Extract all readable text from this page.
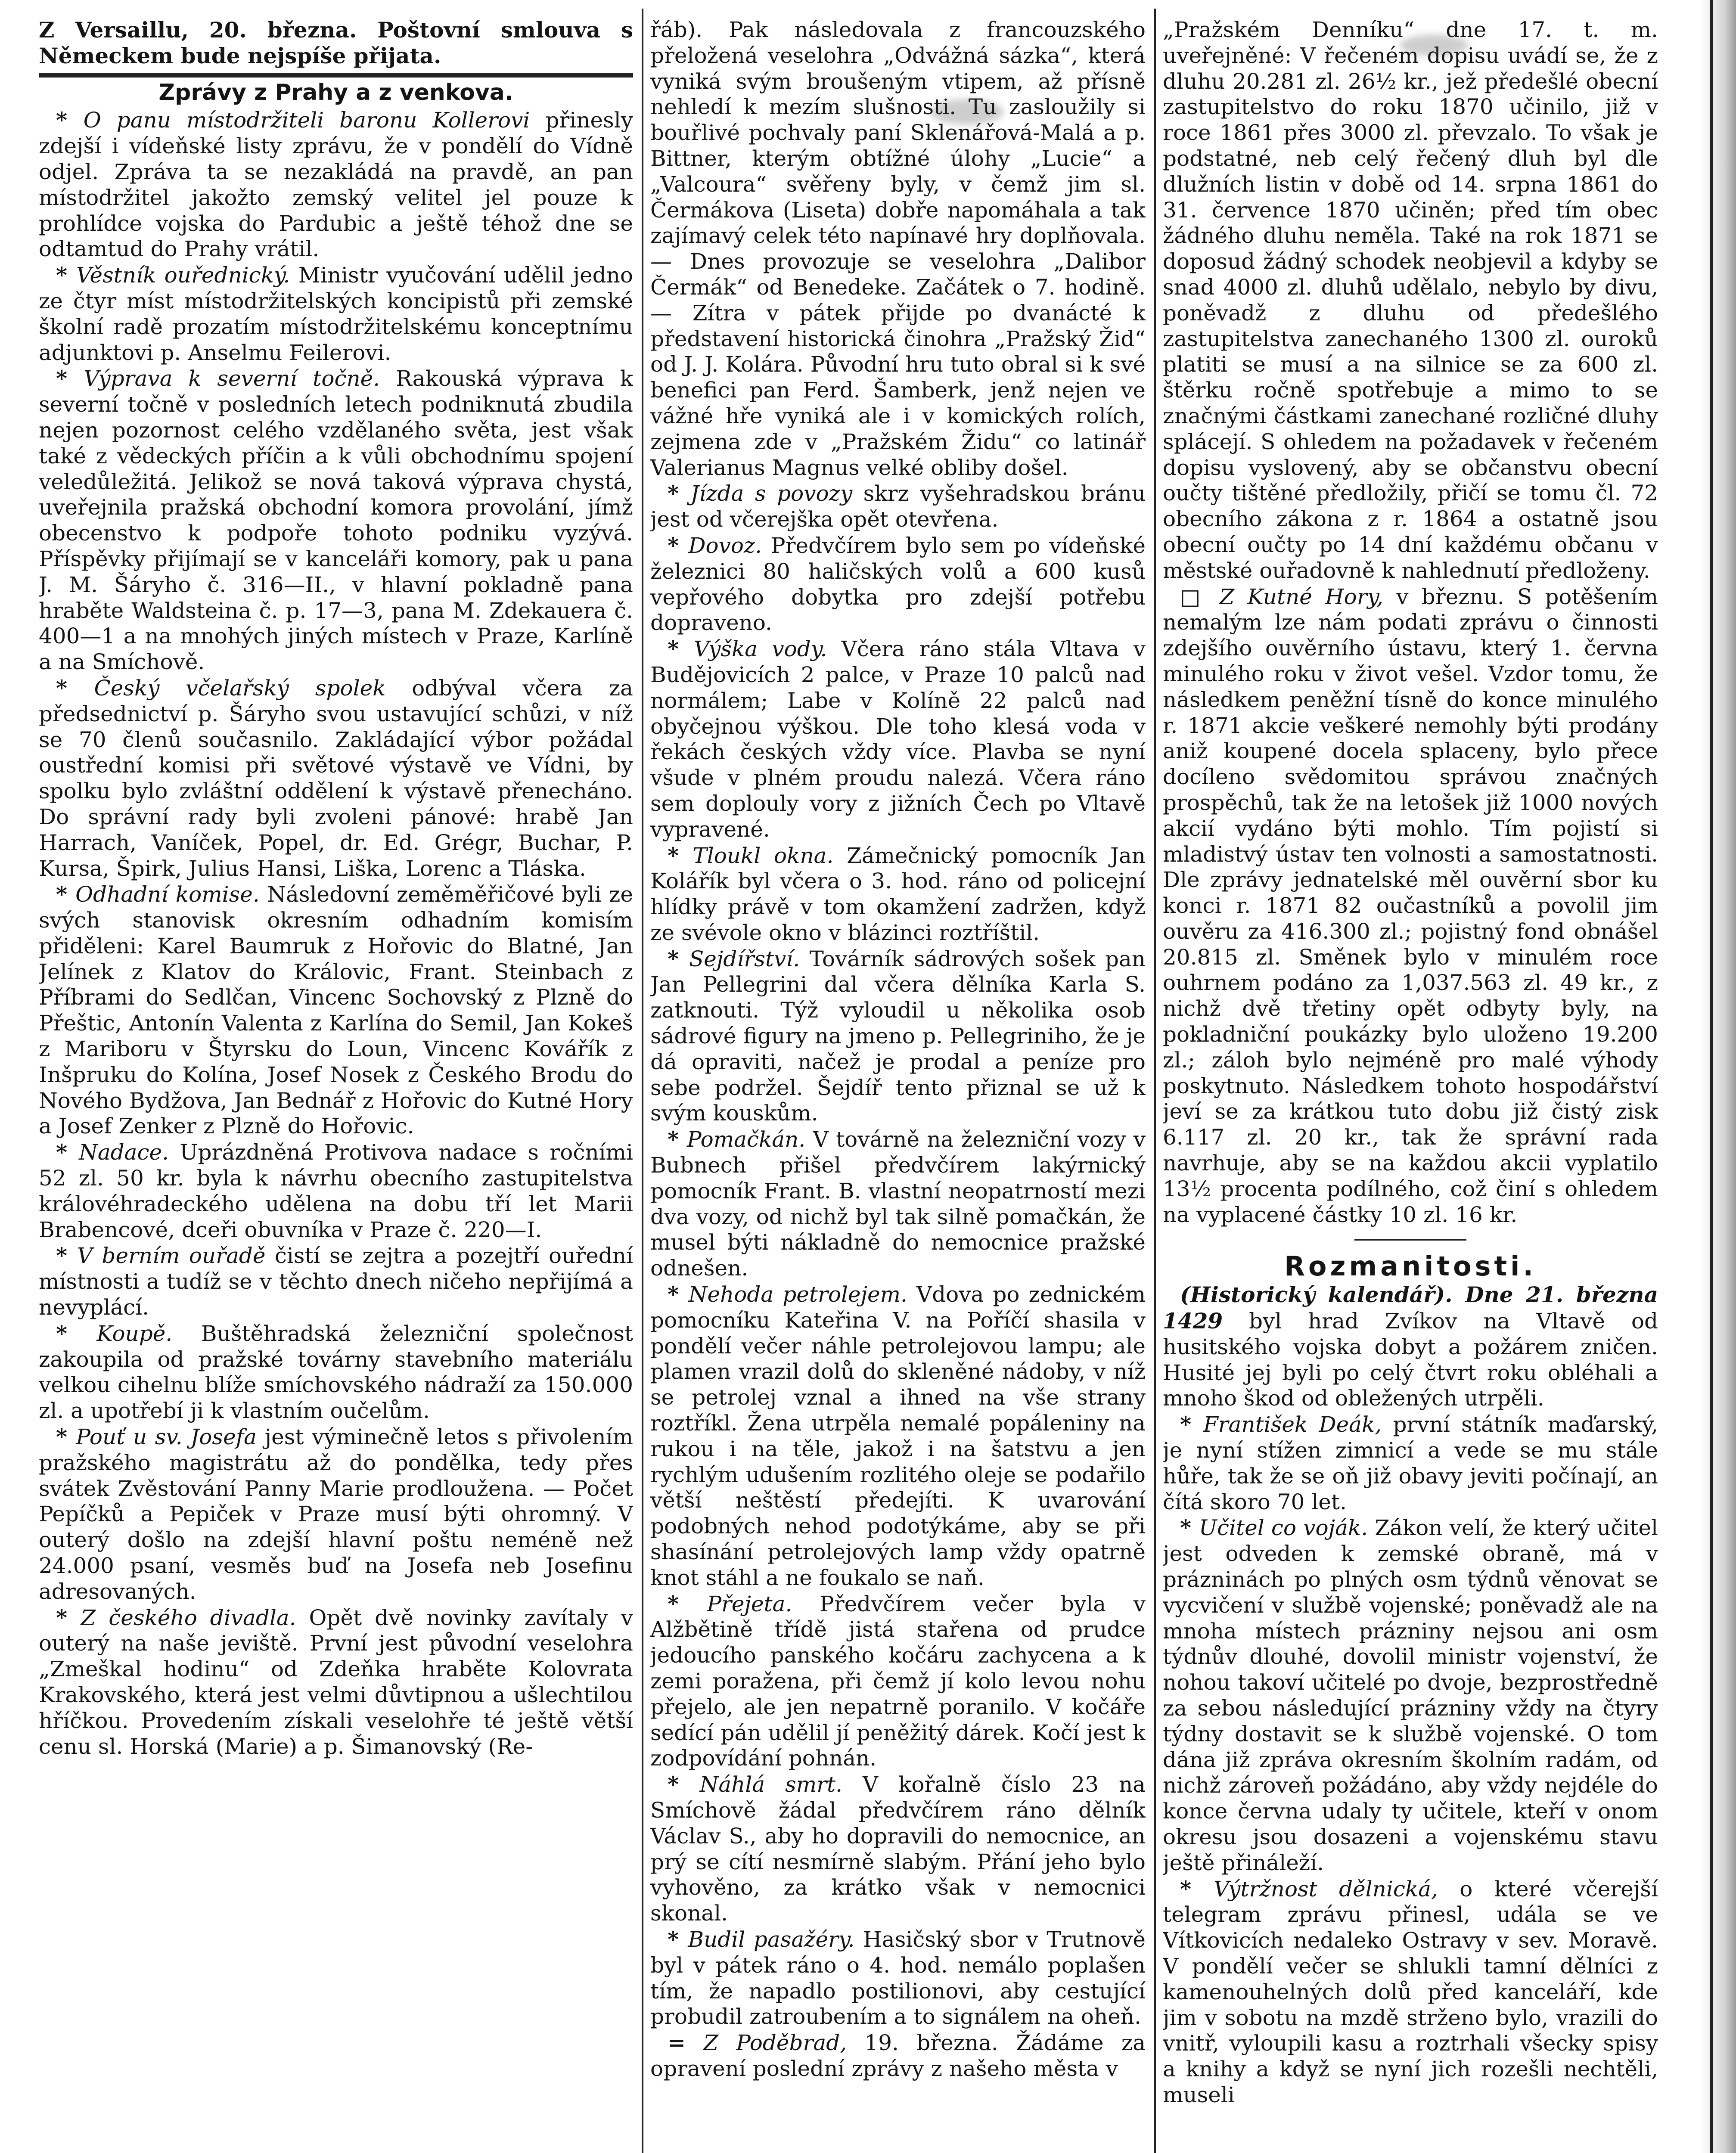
Z Versaillu, 20. března. Poštovní smlouva s Německem bude nejspíše přijata.

Zprávy z Prahy a z venkova.

* O panu místodržiteli baronu Kollerovi přinesly zdejší i vídeňské listy zprávu, že v pondělí do Vídně odjel. Zpráva ta se nezakládá na pravdě, an pan místodržitel jakožto zemský velitel jel pouze k prohlídce vojska do Pardubic a ještě téhož dne se odtamtud do Prahy vrátil.

* Věstník ouřednický. Ministr vyučování udělil jedno ze čtyr míst místodržitelských koncipistů při zemské školní radě prozatím místodržitelskému konceptnímu adjunktovi p. Anselmu Feilerovi.

* Výprava k severní točně. Rakouská výprava k severní točně v posledních letech podniknutá zbudila nejen pozornost celého vzdělaného světa, jest však také z vědeckých příčin a k vůli obchodnímu spojení veledůležitá. Jelikož se nová taková výprava chystá, uveřejnila pražská obchodní komora provolání, jímž obecenstvo k podpoře tohoto podniku vyzývá. Příspěvky přijímají se v kanceláři komory, pak u pana J. M. Šáryho č. 316—II., v hlavní pokladně pana hraběte Waldsteina č. p. 17—3, pana M. Zdekauera č. 400—1 a na mnohých jiných místech v Praze, Karlíně a na Smíchově.

* Český včelařský spolek odbýval včera za předsednictví p. Šáryho svou ustavující schůzi, v níž se 70 členů současnilo. Zakládající výbor požádal oustřední komisi při světové výstavě ve Vídni, by spolku bylo zvláštní oddělení k výstavě přenecháno. Do správní rady byli zvoleni pánové: hrabě Jan Harrach, Vaníček, Popel, dr. Ed. Grégr, Buchar, P. Kursa, Špirk, Julius Hansi, Liška, Lorenc a Tláska.

* Odhadní komise. Následovní zeměměřičové byli ze svých stanovisk okresním odhadním komisím přiděleni: Karel Baumruk z Hořovic do Blatné, Jan Jelínek z Klatov do Královic, Frant. Steinbach z Příbrami do Sedlčan, Vincenc Sochovský z Plzně do Přeštic, Antonín Valenta z Karlína do Semil, Jan Kokeš z Mariboru v Štyrsku do Loun, Vincenc Kovářík z Inšpruku do Kolína, Josef Nosek z Českého Brodu do Nového Bydžova, Jan Bednář z Hořovic do Kutné Hory a Josef Zenker z Plzně do Hořovic.

* Nadace. Uprázdněná Protivova nadace s ročními 52 zl. 50 kr. byla k návrhu obecního zastupitelstva královéhradeckého udělena na dobu tří let Marii Brabencové, dceři obuvníka v Praze č. 220—I.

* V berním ouřadě čistí se zejtra a pozejtří ouřední místnosti a tudíž se v těchto dnech ničeho nepřijímá a nevyplácí.

* Koupě. Buštěhradská železniční společnost zakoupila od pražské továrny stavebního materiálu velkou cihelnu blíže smíchovského nádraží za 150.000 zl. a upotřebí ji k vlastním oučelům.

* Pouť u sv. Josefa jest výminečně letos s přivolením pražského magistrátu až do pondělka, tedy přes svátek Zvěstování Panny Marie prodloužena. — Počet Pepíčků a Pepiček v Praze musí býti ohromný. V outerý došlo na zdejší hlavní poštu neméně než 24.000 psaní, vesměs buď na Josefa neb Josefinu adresovaných.

* Z českého divadla. Opět dvě novinky zavítaly v outerý na naše jeviště. První jest původní veselohra „Zmeškal hodinu“ od Zdeňka hraběte Kolovrata Krakovského, která jest velmi důvtipnou a ušlechtilou hříčkou. Provedením získali veselohře té ještě větší cenu sl. Horská (Marie) a p. Šimanovský (Re-

řáb). Pak následovala z francouzského přeložená veselohra „Odvážná sázka“, která vyniká svým broušeným vtipem, až přísně nehledí k mezím slušnosti. Tu zasloužily si bouřlivé pochvaly paní Sklenářová-Malá a p. Bittner, kterým obtížné úlohy „Lucie“ a „Valcoura“ svěřeny byly, v čemž jim sl. Čermákova (Liseta) dobře napomáhala a tak zajímavý celek této napínavé hry doplňovala. — Dnes provozuje se veselohra „Dalibor Čermák“ od Benedeke. Začátek o 7. hodině. — Zítra v pátek přijde po dvanácté k představení historická činohra „Pražský Žid“ od J. J. Kolára. Původní hru tuto obral si k své benefici pan Ferd. Šamberk, jenž nejen ve vážné hře vyniká ale i v komických rolích, zejmena zde v „Pražském Židu“ co latinář Valerianus Magnus velké obliby došel.

* Jízda s povozy skrz vyšehradskou bránu jest od včerejška opět otevřena.

* Dovoz. Předvčírem bylo sem po vídeňské železnici 80 haličských volů a 600 kusů vepřového dobytka pro zdejší potřebu dopraveno.

* Výška vody. Včera ráno stála Vltava v Budějovicích 2 palce, v Praze 10 palců nad normálem; Labe v Kolíně 22 palců nad obyčejnou výškou. Dle toho klesá voda v řekách českých vždy více. Plavba se nyní všude v plném proudu nalezá. Včera ráno sem doplouly vory z jižních Čech po Vltavě vypravené.

* Tloukl okna. Zámečnický pomocník Jan Kolářík byl včera o 3. hod. ráno od policejní hlídky právě v tom okamžení zadržen, když ze svévole okno v blázinci roztříštil.

* Sejdířství. Továrník sádrových sošek pan Jan Pellegrini dal včera dělníka Karla S. zatknouti. Týž vyloudil u několika osob sádrové figury na jmeno p. Pellegriniho, že je dá opraviti, načež je prodal a peníze pro sebe podržel. Šejdíř tento přiznal se už k svým kouskům.

* Pomačkán. V továrně na železniční vozy v Bubnech přišel předvčírem lakýrnický pomocník Frant. B. vlastní neopatrností mezi dva vozy, od nichž byl tak silně pomačkán, že musel býti nákladně do nemocnice pražské odnešen.

* Nehoda petrolejem. Vdova po zednickém pomocníku Kateřina V. na Poříčí shasila v pondělí večer náhle petrolejovou lampu; ale plamen vrazil dolů do skleněné nádoby, v níž se petrolej vznal a ihned na vše strany roztříkl. Žena utrpěla nemalé popáleniny na rukou i na těle, jakož i na šatstvu a jen rychlým udušením rozlitého oleje se podařilo větší neštěstí předejíti. K uvarování podobných nehod podotýkáme, aby se při shasínání petrolejových lamp vždy opatrně knot stáhl a ne foukalo se naň.

* Přejeta. Předvčírem večer byla v Alžbětině třídě jistá stařena od prudce jedoucího panského kočáru zachycena a k zemi poražena, při čemž jí kolo levou nohu přejelo, ale jen nepatrně poranilo. V kočáře sedící pán udělil jí peněžitý dárek. Kočí jest k zodpovídání pohnán.

* Náhlá smrt. V kořalně číslo 23 na Smíchově žádal předvčírem ráno dělník Václav S., aby ho dopravili do nemocnice, an prý se cítí nesmírně slabým. Přání jeho bylo vyhověno, za krátko však v nemocnici skonal.

* Budil pasažéry. Hasičský sbor v Trutnově byl v pátek ráno o 4. hod. nemálo poplašen tím, že napadlo postilionovi, aby cestující probudil zatroubením a to signálem na oheň.

= Z Poděbrad, 19. března. Žádáme za opravení poslední zprávy z našeho města v

„Pražském Denníku“ dne 17. t. m. uveřejněné: V řečeném dopisu uvádí se, že z dluhu 20.281 zl. 26½ kr., jež předešlé obecní zastupitelstvo do roku 1870 učinilo, již v roce 1861 přes 3000 zl. převzalo. To však je podstatné, neb celý řečený dluh byl dle dlužních listin v době od 14. srpna 1861 do 31. července 1870 učiněn; před tím obec žádného dluhu neměla. Také na rok 1871 se doposud žádný schodek neobjevil a kdyby se snad 4000 zl. dluhů udělalo, nebylo by divu, poněvadž z dluhu od předešlého zastupitelstva zanechaného 1300 zl. ouroků platiti se musí a na silnice se za 600 zl. štěrku ročně spotřebuje a mimo to se značnými částkami zanechané rozličné dluhy splácejí. S ohledem na požadavek v řečeném dopisu vyslovený, aby se občanstvu obecní oučty tištěné předložily, přičí se tomu čl. 72 obecního zákona z r. 1864 a ostatně jsou obecní oučty po 14 dní každému občanu v městské ouřadovně k nahlednutí předloženy.

□ Z Kutné Hory, v březnu. S potěšením nemalým lze nám podati zprávu o činnosti zdejšího ouvěrního ústavu, který 1. června minulého roku v život vešel. Vzdor tomu, že následkem peněžní tísně do konce minulého r. 1871 akcie veškeré nemohly býti prodány aniž koupené docela splaceny, bylo přece docíleno svědomitou správou značných prospěchů, tak že na letošek již 1000 nových akcií vydáno býti mohlo. Tím pojistí si mladistvý ústav ten volnosti a samostatnosti. Dle zprávy jednatelské měl ouvěrní sbor ku konci r. 1871 82 oučastníků a povolil jim ouvěru za 416.300 zl.; pojistný fond obnášel 20.815 zl. Směnek bylo v minulém roce ouhrnem podáno za 1,037.563 zl. 49 kr., z nichž dvě třetiny opět odbyty byly, na pokladniční poukázky bylo uloženo 19.200 zl.; záloh bylo nejméně pro malé výhody poskytnuto. Následkem tohoto hospodářství jeví se za krátkou tuto dobu již čistý zisk 6.117 zl. 20 kr., tak že správní rada navrhuje, aby se na každou akcii vyplatilo 13½ procenta podílného, což činí s ohledem na vyplacené částky 10 zl. 16 kr.

Rozmanitosti.

(Historický kalendář). Dne 21. března 1429 byl hrad Zvíkov na Vltavě od husitského vojska dobyt a požárem zničen. Husité jej byli po celý čtvrt roku obléhali a mnoho škod od obležených utrpěli.

* František Deák, první státník maďarský, je nyní stížen zimnicí a vede se mu stále hůře, tak že se oň již obavy jeviti počínají, an čítá skoro 70 let.

* Učitel co voják. Zákon velí, že který učitel jest odveden k zemské obraně, má v prázninách po plných osm týdnů věnovat se vycvičení v službě vojenské; poněvadž ale na mnoha místech prázniny nejsou ani osm týdnův dlouhé, dovolil ministr vojenství, že nohou takoví učitelé po dvoje, bezprostředně za sebou následující prázniny vždy na čtyry týdny dostavit se k službě vojenské. O tom dána již zpráva okresním školním radám, od nichž zároveň požádáno, aby vždy nejdéle do konce června udaly ty učitele, kteří v onom okresu jsou dosazeni a vojenskému stavu ještě přináleží.

* Výtržnost dělnická, o které včerejší telegram zprávu přinesl, udála se ve Vítkovicích nedaleko Ostravy v sev. Moravě. V pondělí večer se shlukli tamní dělníci z kamenouhelných dolů před kanceláří, kde jim v sobotu na mzdě strženo bylo, vrazili do vnitř, vyloupili kasu a roztrhali všecky spisy a knihy a když se nyní jich rozešli nechtěli, museli
